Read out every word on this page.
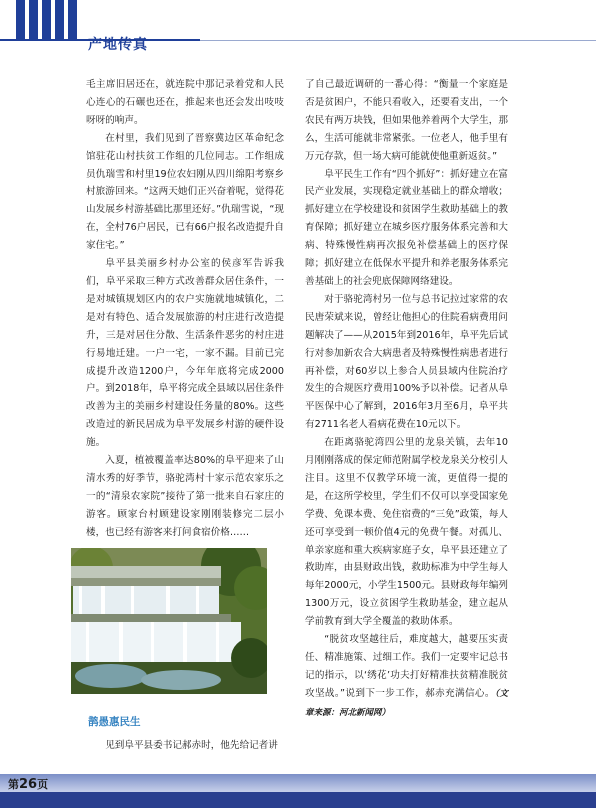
产地传真

毛主席旧居还在，就连院中那记录着党和人民心连心的石碾也还在，推起来也还会发出吱吱呀呀的响声。

在村里，我们见到了晋察冀边区革命纪念馆驻花山村扶贫工作组的几位同志。工作组成员仇瑞雪和村里19位农妇刚从四川绵阳考察乡村旅游回来。“这两天她们正兴奋着呢，觉得花山发展乡村游基础比那里还好。”仇瑞雪说，“现在，全村76户居民，已有66户报名改造提升自家住宅。”

阜平县美丽乡村办公室的侯彦军告诉我们，阜平采取三种方式改善群众居住条件，一是对城镇规划区内的农户实施就地城镇化，二是对有特色、适合发展旅游的村庄进行改造提升，三是对居住分散、生活条件恶劣的村庄进行易地迁建。一户一宅，一家不漏。目前已完成提升改造1200户，今年年底将完成2000户。到2018年，阜平将完成全县域以居住条件改善为主的美丽乡村建设任务量的80%。这些改造过的新民居成为阜平发展乡村游的硬件设施。

入夏，植被覆盖率达80%的阜平迎来了山清水秀的好季节，骆驼湾村十家示范农家乐之一的“清泉农家院”接待了第一批来自石家庄的游客。顾家台村顾建设家刚刚装修完二层小楼，也已经有游客来打问食宿价格……

鹊愚惠民生

见到阜平县委书记郝赤时，他先给记者讲

了自己最近调研的一番心得：“衡量一个家庭是否是贫困户，不能只看收入，还要看支出，一个农民有两万块钱，但如果他养着两个大学生，那么，生活可能就非常紧张。一位老人，他手里有万元存款，但一场大病可能就使他重新返贫。”

阜平民生工作有“四个抓好”：抓好建立在富民产业发展，实现稳定就业基础上的群众增收；抓好建立在学校建设和贫困学生救助基础上的教育保障；抓好建立在城乡医疗服务体系完善和大病、特殊慢性病再次报免补偿基础上的医疗保障；抓好建立在低保水平提升和养老服务体系完善基础上的社会兜底保障网络建设。

对于骆驼湾村另一位与总书记拉过家常的农民唐荣斌来说，曾经让他担心的住院看病费用问题解决了——从2015年到2016年，阜平先后试行对参加新农合大病患者及特殊慢性病患者进行再补偿，对60岁以上参合人员县域内住院治疗发生的合规医疗费用100%予以补偿。记者从阜平医保中心了解到，2016年3月至6月，阜平共有2711名老人看病花费在10元以下。

在距离骆驼湾四公里的龙泉关镇，去年10月刚刚落成的保定师范附属学校龙泉关分校引人注目。这里不仅教学环境一流，更值得一提的是，在这所学校里，学生们不仅可以享受国家免学费、免课本费、免住宿费的“三免”政策，每人还可享受到一顿价值4元的免费午餐。对孤儿、单亲家庭和重大疾病家庭子女，阜平县还建立了救助库，由县财政出钱，救助标准为中学生每人每年2000元，小学生1500元。县财政每年编列1300万元，设立贫困学生救助基金，建立起从学前教育到大学全覆盖的救助体系。

“脱贫攻坚越往后，难度越大，越要压实责任、精准施策、过细工作。我们一定要牢记总书记的指示，以‘绣花’功夫打好精准扶贫精准脱贫攻坚战。”说到下一步工作，郝赤充满信心。（文章来源：河北新闻网）

第26页
